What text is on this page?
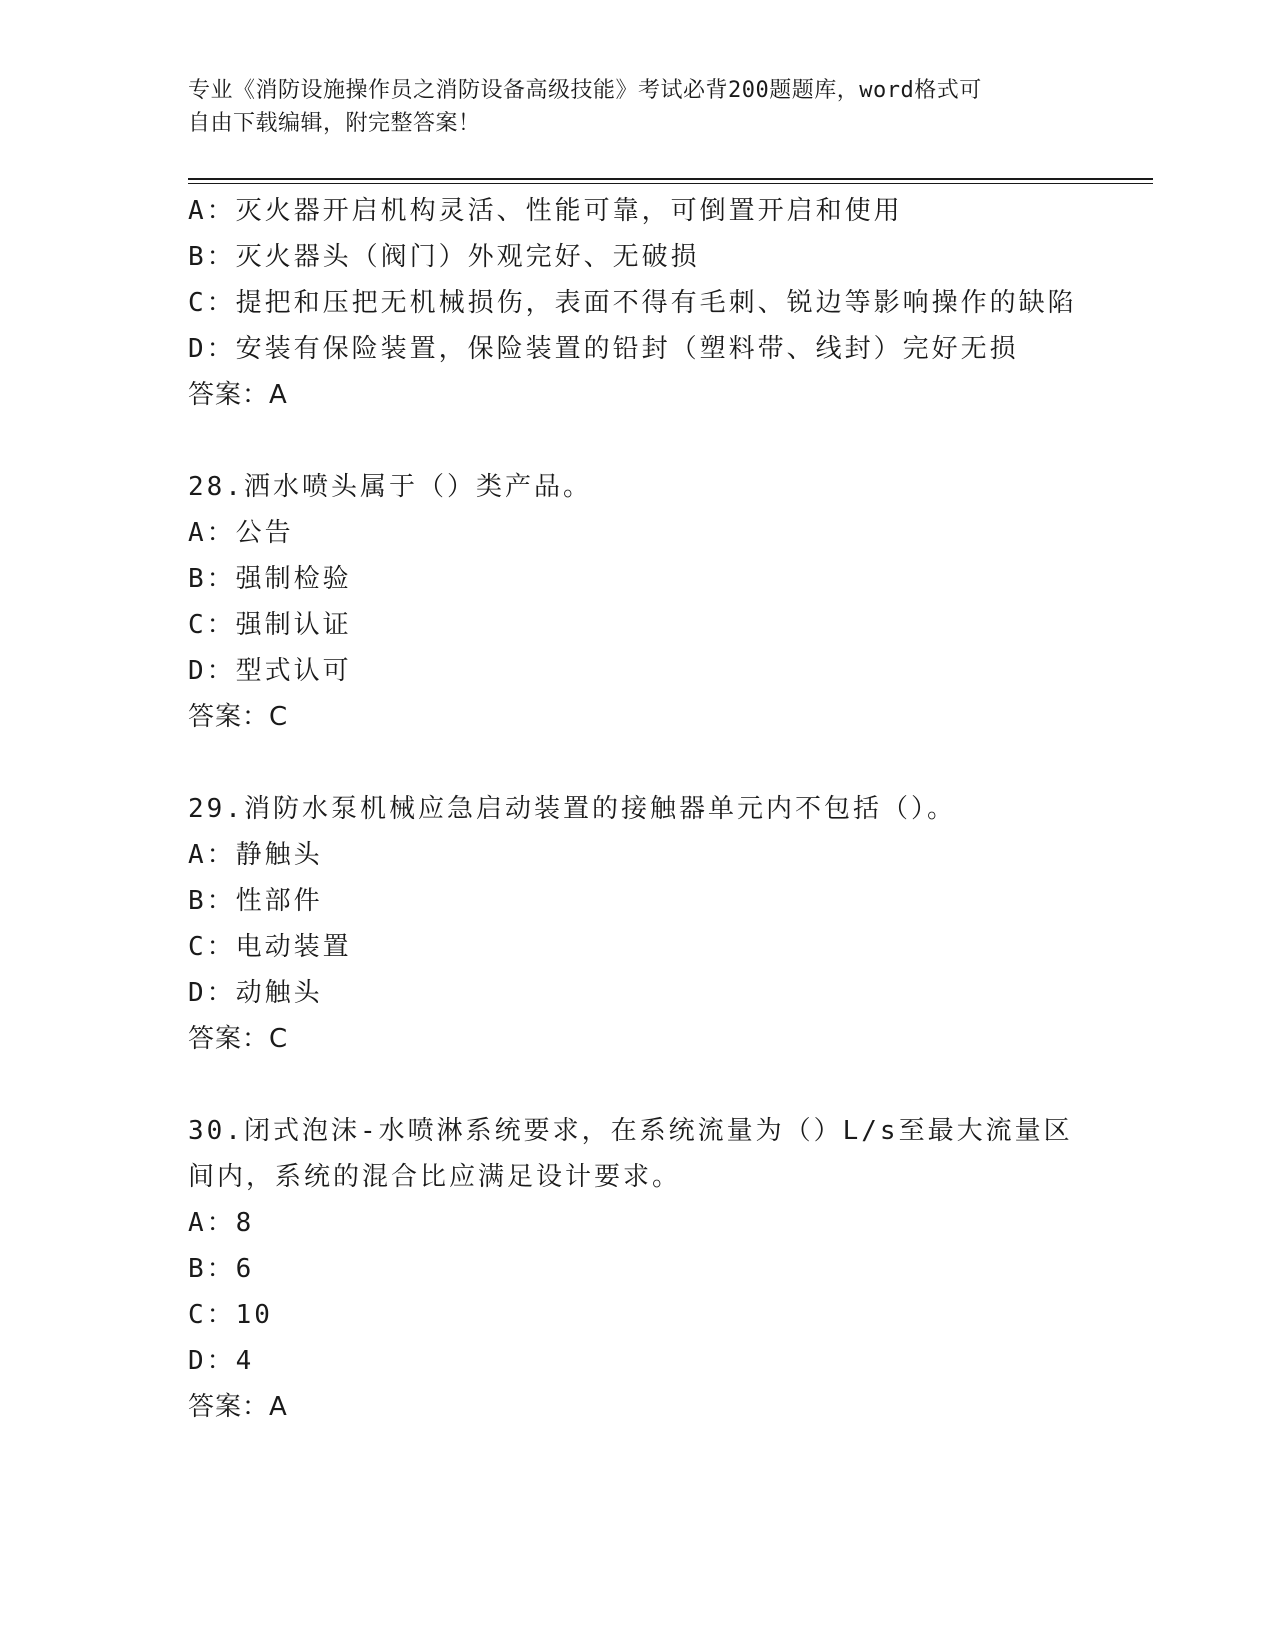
专业《消防设施操作员之消防设备高级技能》考试必背200题题库，word格式可
自由下载编辑，附完整答案！
A：灭火器开启机构灵活、性能可靠，可倒置开启和使用
B：灭火器头（阀门）外观完好、无破损
C：提把和压把无机械损伤，表面不得有毛刺、锐边等影响操作的缺陷
D：安装有保险装置，保险装置的铅封（塑料带、线封）完好无损
答案：A
28.洒水喷头属于（）类产品。
A：公告
B：强制检验
C：强制认证
D：型式认可
答案：C
29.消防水泵机械应急启动装置的接触器单元内不包括（）。
A：静触头
B：性部件
C：电动装置
D：动触头
答案：C
30.闭式泡沫-水喷淋系统要求，在系统流量为（）L/s至最大流量区间内，系统的混合比应满足设计要求。
A：8
B：6
C：10
D：4
答案：A
